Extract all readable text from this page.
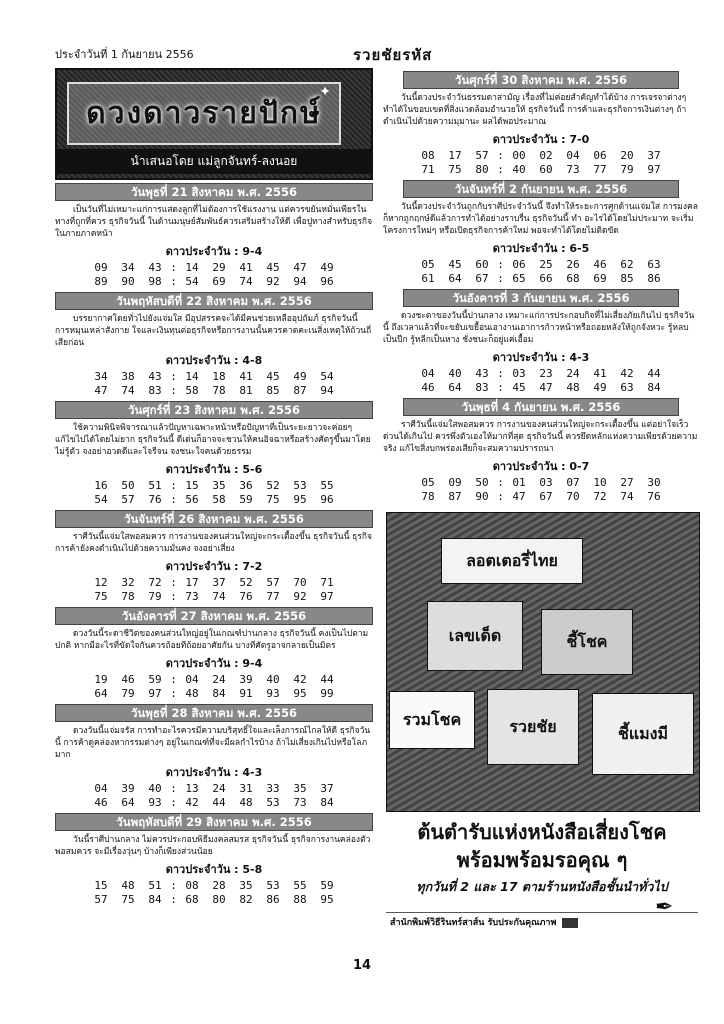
ประจำวันที่ 1 กันยายน 2556	รวยชัยรหัส
ดวงดาวรายปักษ์
✦
นำเสนอโดย แม่ลูกจันทร์-ลงนอย
วันพุธที่ 21 สิงหาคม พ.ศ. 2556
เป็นวันที่ไม่เหมาะแก่การแสดงลูกที่ไม่ต้องการใช้แรงงาน แต่ควรขยันหมั่นเพียรในทางที่ถูกที่ควร ธุรกิจวันนี้ ในด้านมนุษย์สัมพันธ์ควรเสริมสร้างให้ดี เพื่อปูทางสำหรับธุรกิจในภายภาคหน้า
ดาวประจำวัน : 9-4
09	34	43 : 14	29	41	45	47	49
89	90	98 : 54	69	74	92	94	96
วันพฤหัสบดีที่ 22 สิงหาคม พ.ศ. 2556
บรรยากาศโดยทั่วไปยังแจ่มใส มีอุปสรรคจะได้มีคนช่วยเหลืออุปถัมภ์ ธุรกิจวันนี้ การหมุนเหล่าสังกาย ใจและเงินทุนต่อธุรกิจหรือการงานนั้นควรคาดคะเนสิ่งเหตุให้ถ้วนถี่เสียก่อน
ดาวประจำวัน : 4-8
34	38	43 : 14	18	41	45	49	54
47	74	83 : 58	78	81	85	87	94
วันศุกร์ที่ 23 สิงหาคม พ.ศ. 2556
ใช้ความพินิจพิจารณาแล้วปัญหาเฉพาะหน้าหรือปัญหาที่เป็นระยะยาวจะค่อยๆ แก้ไขไปได้โดยไม่ยาก ธุรกิจวันนี้ ดีเด่นก็อาจจะชวนให้คนอิจฉาหรือสร้างศัตรูขึ้นมาโดยไม่รู้ตัว จงอย่าอวดดีและโจรีจน จงชนะใจคนด้วยธรรม
ดาวประจำวัน : 5-6
16	50	51 : 15	35	36	52	53	55
54	57	76 : 56	58	59	75	95	96
วันจันทร์ที่ 26 สิงหาคม พ.ศ. 2556
ราศีวันนี้แจ่มใสพอสมควร การงานของคนส่วนใหญ่จะกระเตื้องขึ้น ธุรกิจวันนี้ ธุรกิจการค้ายังคงดำเนินไปด้วยความมั่นคง จงอย่าเสี่ยง
ดาวประจำวัน : 7-2
12	32	72 : 17	37	52	57	70	71
75	78	79 : 73	74	76	77	92	97
วันอังคารที่ 27 สิงหาคม พ.ศ. 2556
ดวงวันนี้ระดาชีวิตของคนส่วนใหญ่อยู่ในเกณฑ์ปานกลาง ธุรกิจวันนี้ คงเป็นไปตามปกติ หากมีอะไรที่ขัดใจกันควรถ้อยทีถ้อยอาศัยกัน บางทีศัตรูอาจกลายเป็นมิตร
ดาวประจำวัน : 9-4
19	46	59 : 04	24	39	40	42	44
64	79	97 : 48	84	91	93	95	99
วันพุธที่ 28 สิงหาคม พ.ศ. 2556
ดวงวันนี้แจ่มจรัส การทำอะไรควรมีความบริสุทธิ์ใจและเล็งการณ์ไกลให้ดี ธุรกิจวันนี้ การค้าดูคล่องหากรรมต่างๆ อยู่ในเกณฑ์ที่จะมีผลกำไรบ้าง ถ้าไม่เสี่ยงเกินไปหรือโลภมาก
ดาวประจำวัน : 4-3
04	39	40 : 13	24	31	33	35	37
46	64	93 : 42	44	48	53	73	84
วันพฤหัสบดีที่ 29 สิงหาคม พ.ศ. 2556
วันนี้ราศีปานกลาง ไม่ควรประกอบพิธีมงคลสมรส ธุรกิจวันนี้ ธุรกิจการงานคล่องตัวพอสมควร จะมีเรื่องวุ่นๆ บ้างก็เพียงส่วนน้อย
ดาวประจำวัน : 5-8
15	48	51 : 08	28	35	53	55	59
57	75	84 : 68	80	82	86	88	95
วันศุกร์ที่ 30 สิงหาคม พ.ศ. 2556
วันนี้ดวงประจำวันธรรมดาสามัญ เรื่องที่ไม่ค่อยสำคัญทำได้บ้าง การเจรจาต่างๆ ทำได้ในขอบเขตที่สิ่งแวดล้อมอำนวยให้ ธุรกิจวันนี้ การค้าและธุรกิจการเงินต่างๆ ถ้าดำเนินไปด้วยความมุมานะ ผลได้พอประมาณ
ดาวประจำวัน : 7-0
08	17	57 : 00	02	04	06	20	37
71	75	80 : 40	60	73	77	79	97
วันจันทร์ที่ 2 กันยายน พ.ศ. 2556
วันนี้ดวงประจำวันถูกกับราศีประจำวันนี้ จึงทำให้ระยะการศูกด้านแจ่มใส การมงคลก็หากถูกฤกษ์ดีแล้วการทำได้อย่างราบรื่น ธุรกิจวันนี้ ทำ อะไรได้โดยไม่ประมาท จะเริ่มโครงการใหม่ๆ หรือเปิดธุรกิจการค้าใหม่ พอจะทำได้โดยไม่ติดขัด
ดาวประจำวัน : 6-5
05	45	60 : 06	25	26	46	62	63
61	64	67 : 65	66	68	69	85	86
วันอังคารที่ 3 กันยายน พ.ศ. 2556
ดวงชะตาของวันนี้ปานกลาง เหมาะแก่การประกอบกิจที่ไม่เสี่ยงภัยเกินไป ธุรกิจวันนี้ ถึงเวลาแล้วที่จะขยับเขยื้อนเอางานเอาการก้าวหน้าหรือถอยหลังให้ถูกจังหวะ รู้หลบเป็นปีก รู้หลีกเป็นหาง ชั่งชนะก็อยู่แค่เอื้อม
ดาวประจำวัน : 4-3
04	40	43 : 03	23	24	41	42	44
46	64	83 : 45	47	48	49	63	84
วันพุธที่ 4 กันยายน พ.ศ. 2556
ราศีวันนี้แจ่มใสพอสมควร การงานของคนส่วนใหญ่จะกระเตื้องขึ้น แต่อย่าใจเร็วด่วนได้เกินไป ควรพึ่งตัวเองให้มากที่สุด ธุรกิจวันนี้ ควรยึดหลักแห่งความเพียรด้วยความจริง แก้ไขสิ่งบกพร่องเสียก็จะสมความปรารถนา
ดาวประจำวัน : 0-7
05	09	50 : 01	03	07	10	27	30
78	87	90 : 47	67	70	72	74	76
ลอตเตอรี่ไทย
เลขเด็ด	ชี้โชค
รวมโชค	รวยชัย	ชี้แมงมี
ต้นตำรับแห่งหนังสือเสี่ยงโชค
พร้อมพร้อมรอคุณ ๆ
ทุกวันที่ 2 และ 17 ตามร้านหนังสือชั้นนำทั่วไป
✒
สำนักพิมพ์วิธีรินทร์สาส์น รับประกันคุณภาพ
14
